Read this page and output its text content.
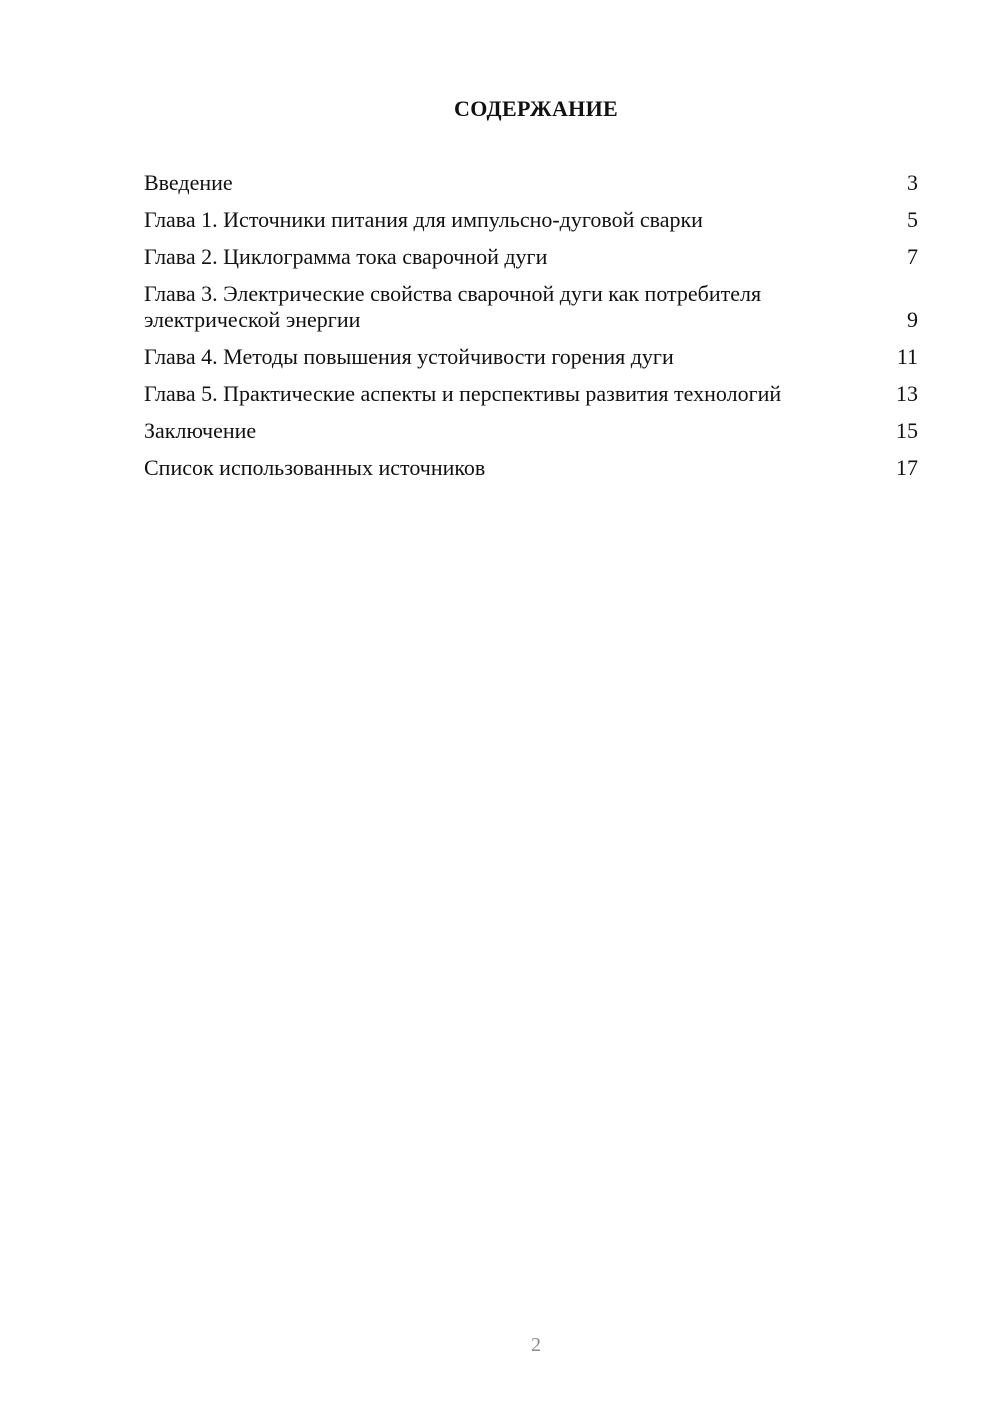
СОДЕРЖАНИЕ
Введение	3
Глава 1. Источники питания для импульсно-дуговой сварки	5
Глава 2. Циклограмма тока сварочной дуги	7
Глава 3. Электрические свойства сварочной дуги как потребителя электрической энергии	9
Глава 4. Методы повышения устойчивости горения дуги	11
Глава 5. Практические аспекты и перспективы развития технологий	13
Заключение	15
Список использованных источников	17
2
